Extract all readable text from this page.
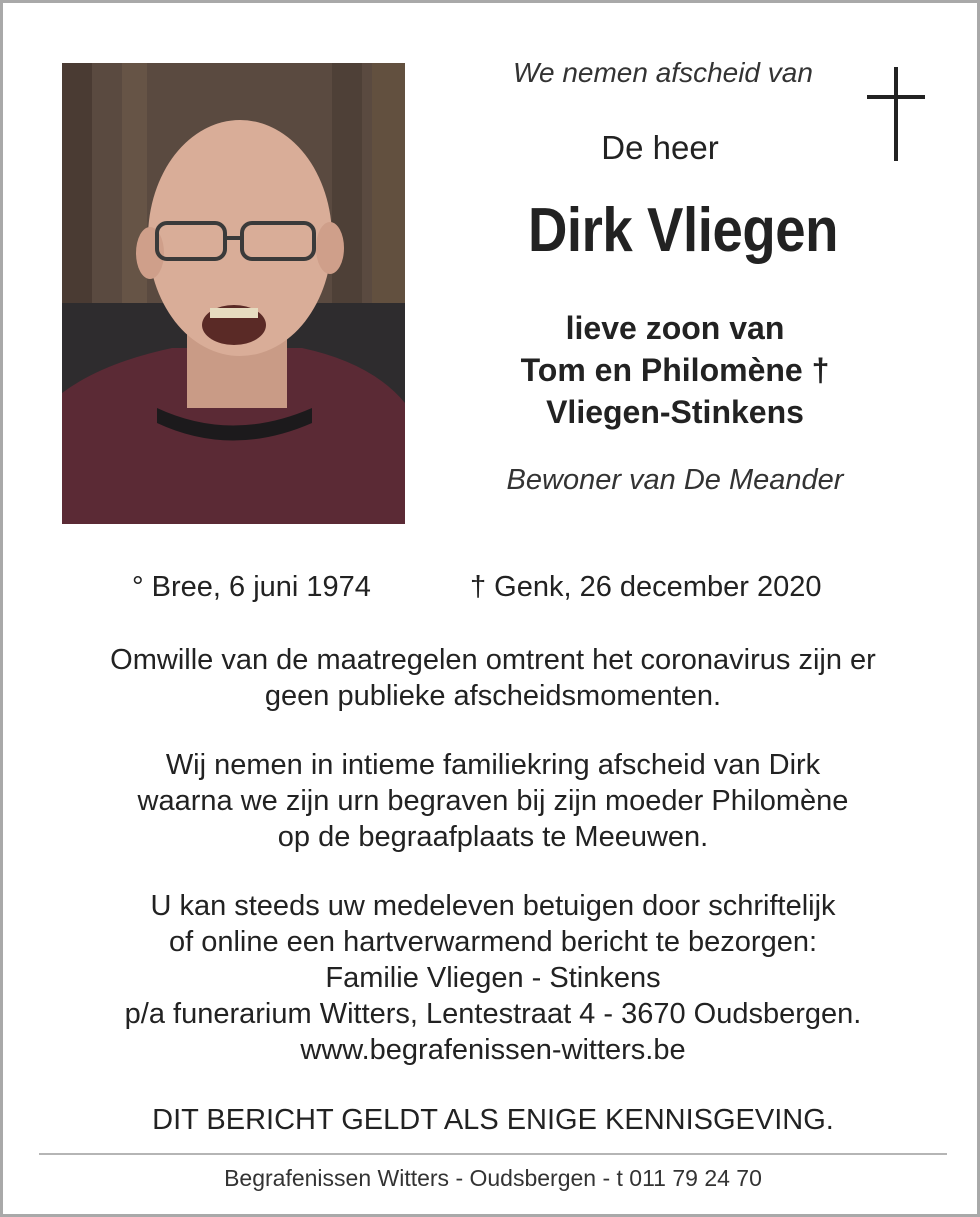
We nemen afscheid van
De heer
Dirk Vliegen
lieve zoon van
Tom en Philomène †
Vliegen-Stinkens
Bewoner van De Meander
° Bree, 6 juni 1974	† Genk, 26 december 2020
Omwille van de maatregelen omtrent het coronavirus zijn er
geen publieke afscheidsmomenten.
Wij nemen in intieme familiekring afscheid van Dirk
waarna we zijn urn begraven bij zijn moeder Philomène
op de begraafplaats te Meeuwen.
U kan steeds uw medeleven betuigen door schriftelijk
of online een hartverwarmend bericht te bezorgen:
Familie Vliegen - Stinkens
p/a funerarium Witters, Lentestraat 4 - 3670 Oudsbergen.
www.begrafenissen-witters.be
DIT BERICHT GELDT ALS ENIGE KENNISGEVING.
Begrafenissen Witters - Oudsbergen - t 011 79 24 70
